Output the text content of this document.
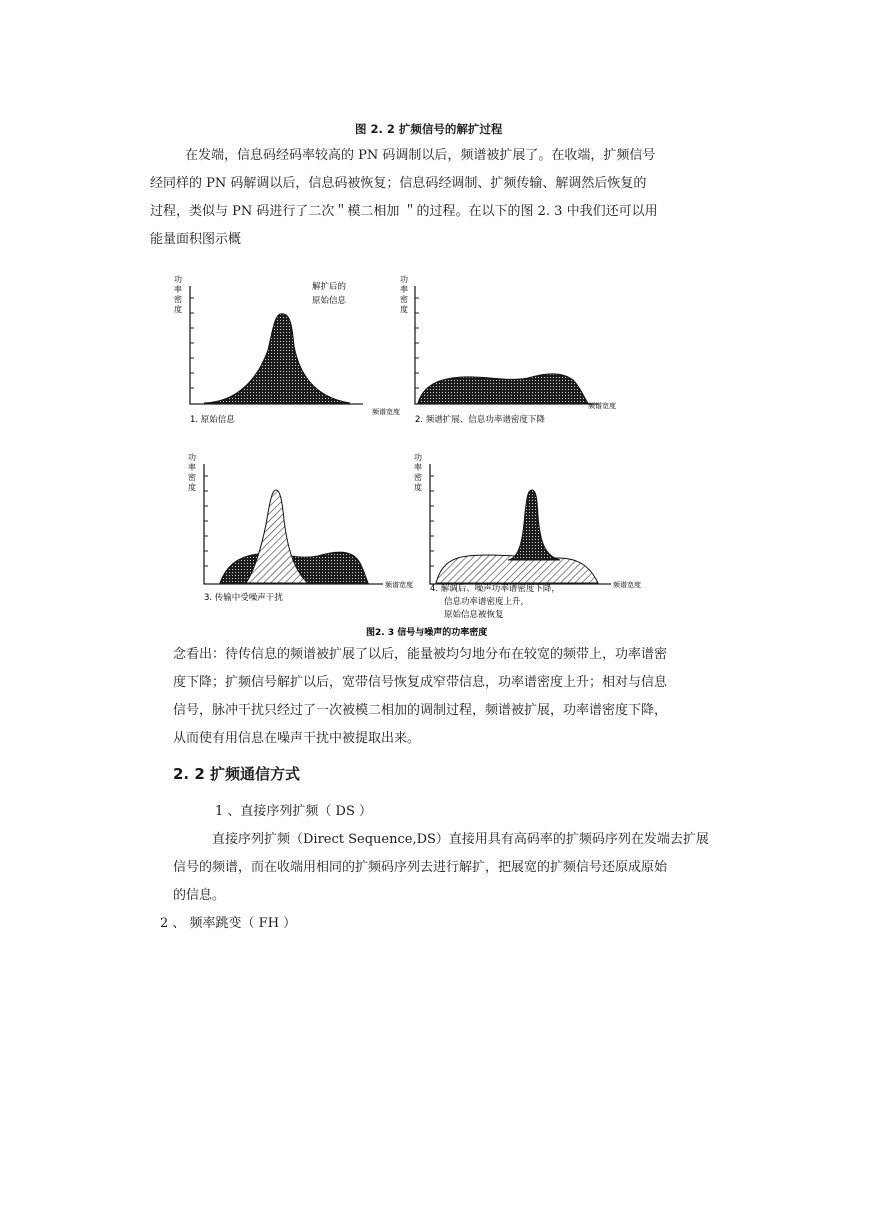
图 2. 2 扩频信号的解扩过程
在发端，信息码经码率较高的 PN 码调制以后，频谱被扩展了。在收端，扩频信号
经同样的 PN 码解调以后，信息码被恢复；信息码经调制、扩频传输、解调然后恢复的
过程，类似与 PN 码进行了二次＂模二相加 ＂的过程。在以下的图 2. 3 中我们还可以用
能量面积图示概
功
率
密
度
解扩后的
原始信息
1. 原始信息
频谱宽度
功
率
密
度
频谱宽度
2. 频谱扩展、信息功率谱密度下降
功
率
密
度
频谱宽度
3. 传输中受噪声干扰
功
率
密
度
频谱宽度
4. 解调后、噪声功率谱密度下降，
信息功率谱密度上升，
原始信息被恢复
图2. 3 信号与噪声的功率密度
念看出：待传信息的频谱被扩展了以后，能量被均匀地分布在较宽的频带上，功率谱密
度下降；扩频信号解扩以后，宽带信号恢复成窄带信息，功率谱密度上升；相对与信息
信号，脉冲干扰只经过了一次被模二相加的调制过程，频谱被扩展，功率谱密度下降，
从而使有用信息在噪声干扰中被提取出来。
2. 2 扩频通信方式
1 、直接序列扩频（ DS ）
直接序列扩频（Direct Sequence,DS）直接用具有高码率的扩频码序列在发端去扩展
信号的频谱，而在收端用相同的扩频码序列去进行解扩，把展宽的扩频信号还原成原始
的信息。
2 、 频率跳变（ FH ）
